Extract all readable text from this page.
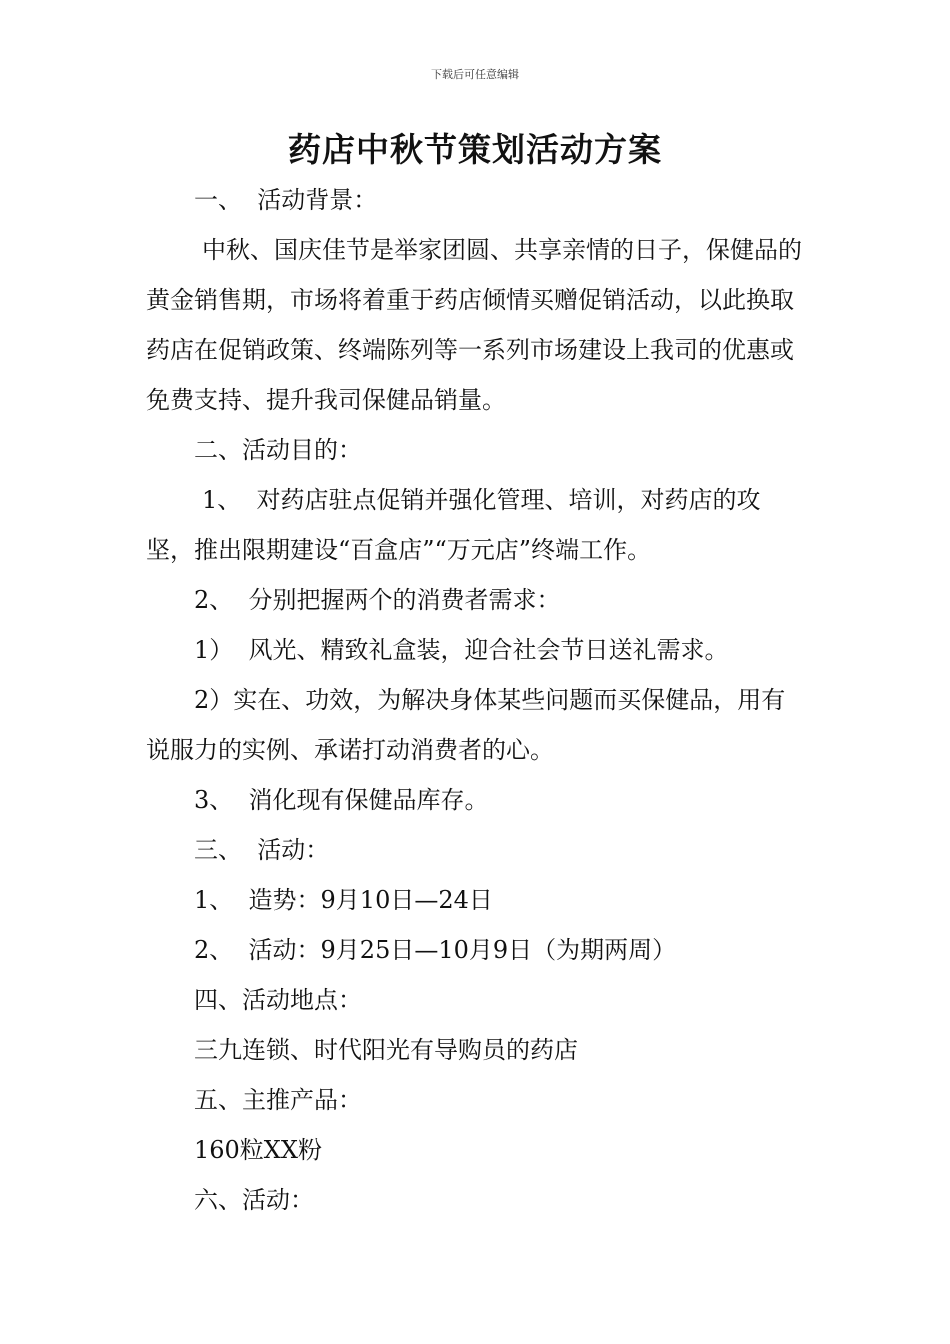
下载后可任意编辑
药店中秋节策划活动方案

一、  活动背景：

中秋、国庆佳节是举家团圆、共享亲情的日子，保健品的黄金销售期，市场将着重于药店倾情买赠促销活动，以此换取药店在促销政策、终端陈列等一系列市场建设上我司的优惠或免费支持、提升我司保健品销量。

二、活动目的：

1、  对药店驻点促销并强化管理、培训，对药店的攻坚，推出限期建设“百盒店”“万元店”终端工作。

2、  分别把握两个的消费者需求：

1）  风光、精致礼盒装，迎合社会节日送礼需求。

2）实在、功效，为解决身体某些问题而买保健品，用有说服力的实例、承诺打动消费者的心。

3、  消化现有保健品库存。

三、  活动：

1、  造势：9月10日—24日

2、  活动：9月25日—10月9日（为期两周）

四、活动地点：

三九连锁、时代阳光有导购员的药店

五、主推产品：

160粒XX粉

六、活动：
